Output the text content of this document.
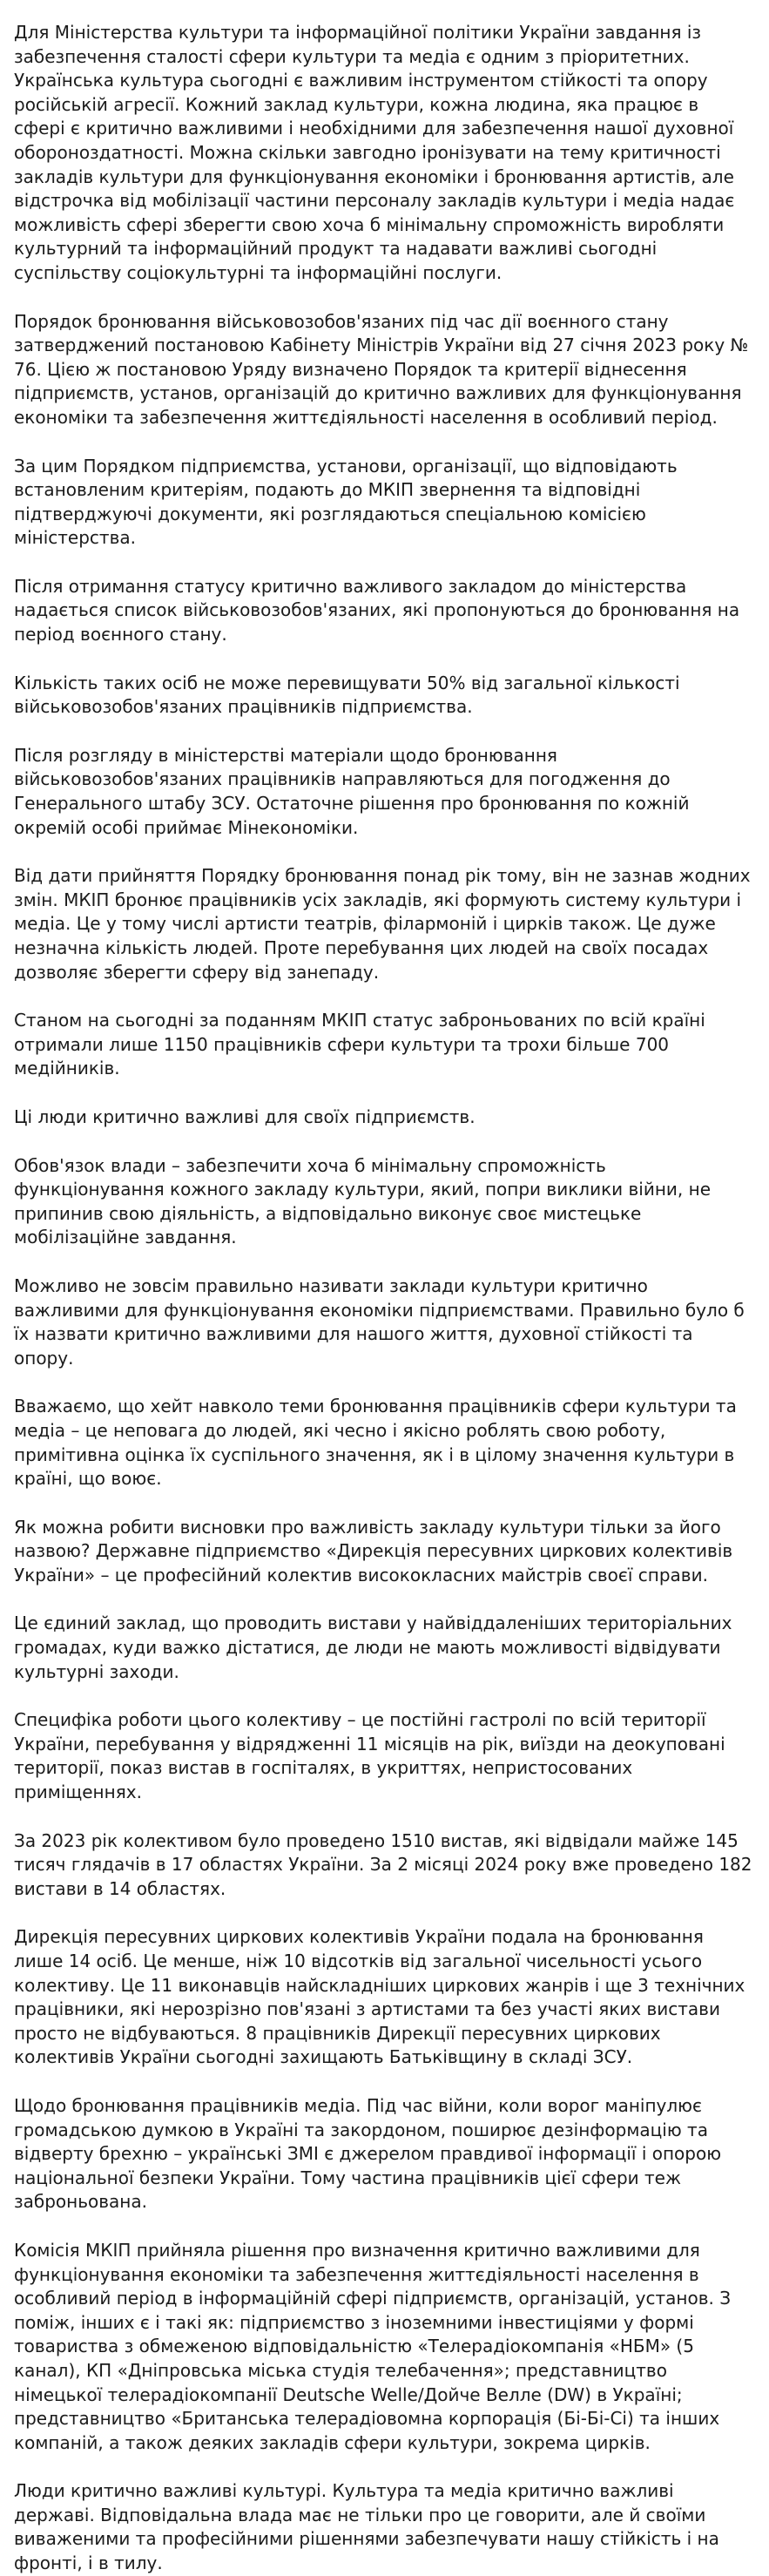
Для Міністерства культури та інформаційної політики України завдання із забезпечення сталості сфери культури та медіа є одним з пріоритетних. Українська культура сьогодні є важливим інструментом стійкості та опору російській агресії. Кожний заклад культури, кожна людина, яка працює в сфері є критично важливими і необхідними для забезпечення нашої духовної обороноздатності. Можна скільки завгодно іронізувати на тему критичності закладів культури для функціонування економіки і бронювання артистів, але відстрочка від мобілізації частини персоналу закладів культури і медіа надає можливість сфері зберегти свою хоча б мінімальну спроможність виробляти культурний та інформаційний продукт та надавати важливі сьогодні суспільству соціокультурні та інформаційні послуги.

Порядок бронювання військовозобов'язаних під час дії воєнного стану затверджений постановою Кабінету Міністрів України від 27 січня 2023 року № 76. Цією ж постановою Уряду визначено Порядок та критерії віднесення підприємств, установ, організацій до критично важливих для функціонування економіки та забезпечення життєдіяльності населення в особливий період.

За цим Порядком підприємства, установи, організації, що відповідають встановленим критеріям, подають до МКІП звернення та відповідні підтверджуючі документи, які розглядаються спеціальною комісією міністерства.

Після отримання статусу критично важливого закладом до міністерства надається список військовозобов'язаних, які пропонуються до бронювання на період воєнного стану.

Кількість таких осіб не може перевищувати 50% від загальної кількості військовозобов'язаних працівників підприємства.

Після розгляду в міністерстві матеріали щодо бронювання військовозобов'язаних працівників направляються для погодження до Генерального штабу ЗСУ. Остаточне рішення про бронювання по кожній окремій особі приймає Мінекономіки.

Від дати прийняття Порядку бронювання понад рік тому, він не зазнав жодних змін. МКІП бронює працівників усіх закладів, які формують систему культури і медіа. Це у тому числі артисти театрів, філармоній і цирків також. Це дуже незначна кількість людей. Проте перебування цих людей на своїх посадах дозволяє зберегти сферу від занепаду.

Станом на сьогодні за поданням МКІП статус заброньованих по всій країні отримали лише 1150 працівників сфери культури та трохи більше 700 медійників.

Ці люди критично важливі для своїх підприємств.

Обов'язок влади – забезпечити хоча б мінімальну спроможність функціонування кожного закладу культури, який, попри виклики війни, не припинив свою діяльність, а відповідально виконує своє мистецьке мобілізаційне завдання.

Можливо не зовсім правильно називати заклади культури критично важливими для функціонування економіки підприємствами. Правильно було б їх назвати критично важливими для нашого життя, духовної стійкості та опору.

Вважаємо, що хейт навколо теми бронювання працівників сфери культури та медіа – це неповага до людей, які чесно і якісно роблять свою роботу, примітивна оцінка їх суспільного значення, як і в цілому значення культури в країні, що воює.

Як можна робити висновки про важливість закладу культури тільки за його назвою? Державне підприємство «Дирекція пересувних циркових колективів України» – це професійний колектив висококласних майстрів своєї справи.

Це єдиний заклад, що проводить вистави у найвіддаленіших територіальних громадах, куди важко дістатися, де люди не мають можливості відвідувати культурні заходи.

Специфіка роботи цього колективу – це постійні гастролі по всій території України, перебування у відрядженні 11 місяців на рік, виїзди на деокуповані території, показ вистав в госпіталях, в укриттях, непристосованих приміщеннях.

За 2023 рік колективом було проведено 1510 вистав, які відвідали майже 145 тисяч глядачів в 17 областях України. За 2 місяці 2024 року вже проведено 182 вистави в 14 областях.

Дирекція пересувних циркових колективів України подала на бронювання лише 14 осіб. Це менше, ніж 10 відсотків від загальної чисельності усього колективу. Це 11 виконавців найскладніших циркових жанрів і ще 3 технічних працівники, які нерозрізно пов'язані з артистами та без участі яких вистави просто не відбуваються. 8 працівників Дирекції пересувних циркових колективів України сьогодні захищають Батьківщину в складі ЗСУ.

Щодо бронювання працівників медіа. Під час війни, коли ворог маніпулює громадською думкою в Україні та закордоном, поширює дезінформацію та відверту брехню – українські ЗМІ є джерелом правдивої інформації і опорою національної безпеки України. Тому частина працівників цієї сфери теж заброньована.

Комісія МКІП прийняла рішення про визначення критично важливими для функціонування економіки та забезпечення життєдіяльності населення в особливий період в інформаційній сфері підприємств, організацій, установ. З поміж, інших є і такі як: підприємство з іноземними інвестиціями у формі товариства з обмеженою відповідальністю «Телерадіокомпанія «НБМ» (5 канал), КП «Дніпровська міська студія телебачення»; представництво німецької телерадіокомпанії Deutsche Welle/Дойче Велле (DW) в Україні; представництво «Британська телерадіовомна корпорація (Бі-Бі-Сі) та інших компаній, а також деяких закладів сфери культури, зокрема цирків.

Люди критично важливі культурі. Культура та медіа критично важливі державі. Відповідальна влада має не тільки про це говорити, але й своїми виваженими та професійними рішеннями забезпечувати нашу стійкість і на фронті, і в тилу.
